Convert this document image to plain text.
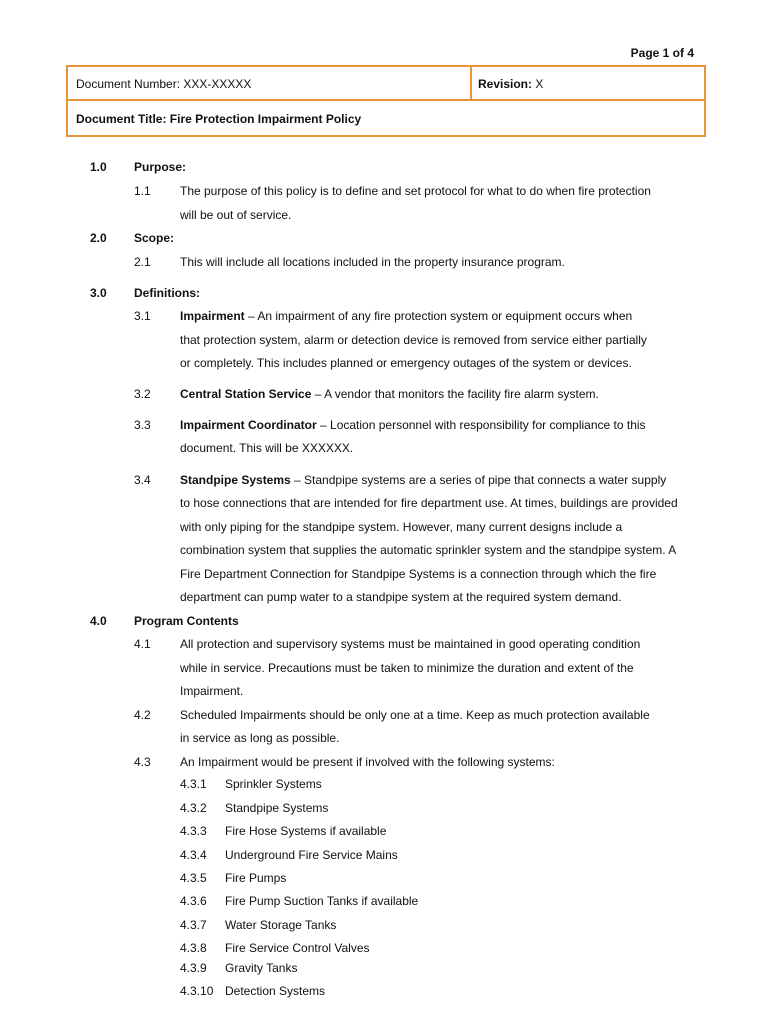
Page 1 of 4
Document Number: XXX-XXXXX	Revision: X
Document Title: Fire Protection Impairment Policy
1.0 Purpose:
1.1 The purpose of this policy is to define and set protocol for what to do when fire protection
will be out of service.
2.0 Scope:
2.1 This will include all locations included in the property insurance program.
3.0 Definitions:
3.1 Impairment – An impairment of any fire protection system or equipment occurs when
that protection system, alarm or detection device is removed from service either partially
or completely. This includes planned or emergency outages of the system or devices.
3.2 Central Station Service – A vendor that monitors the facility fire alarm system.
3.3 Impairment Coordinator – Location personnel with responsibility for compliance to this
document. This will be XXXXXX.
3.4 Standpipe Systems – Standpipe systems are a series of pipe that connects a water supply
to hose connections that are intended for fire department use. At times, buildings are provided
with only piping for the standpipe system. However, many current designs include a
combination system that supplies the automatic sprinkler system and the standpipe system. A
Fire Department Connection for Standpipe Systems is a connection through which the fire
department can pump water to a standpipe system at the required system demand.
4.0 Program Contents
4.1 All protection and supervisory systems must be maintained in good operating condition
while in service. Precautions must be taken to minimize the duration and extent of the
Impairment.
4.2 Scheduled Impairments should be only one at a time. Keep as much protection available
in service as long as possible.
4.3 An Impairment would be present if involved with the following systems:
4.3.1 Sprinkler Systems
4.3.2 Standpipe Systems
4.3.3 Fire Hose Systems if available
4.3.4 Underground Fire Service Mains
4.3.5 Fire Pumps
4.3.6 Fire Pump Suction Tanks if available
4.3.7 Water Storage Tanks
4.3.8 Fire Service Control Valves
4.3.9 Gravity Tanks
4.3.10 Detection Systems
